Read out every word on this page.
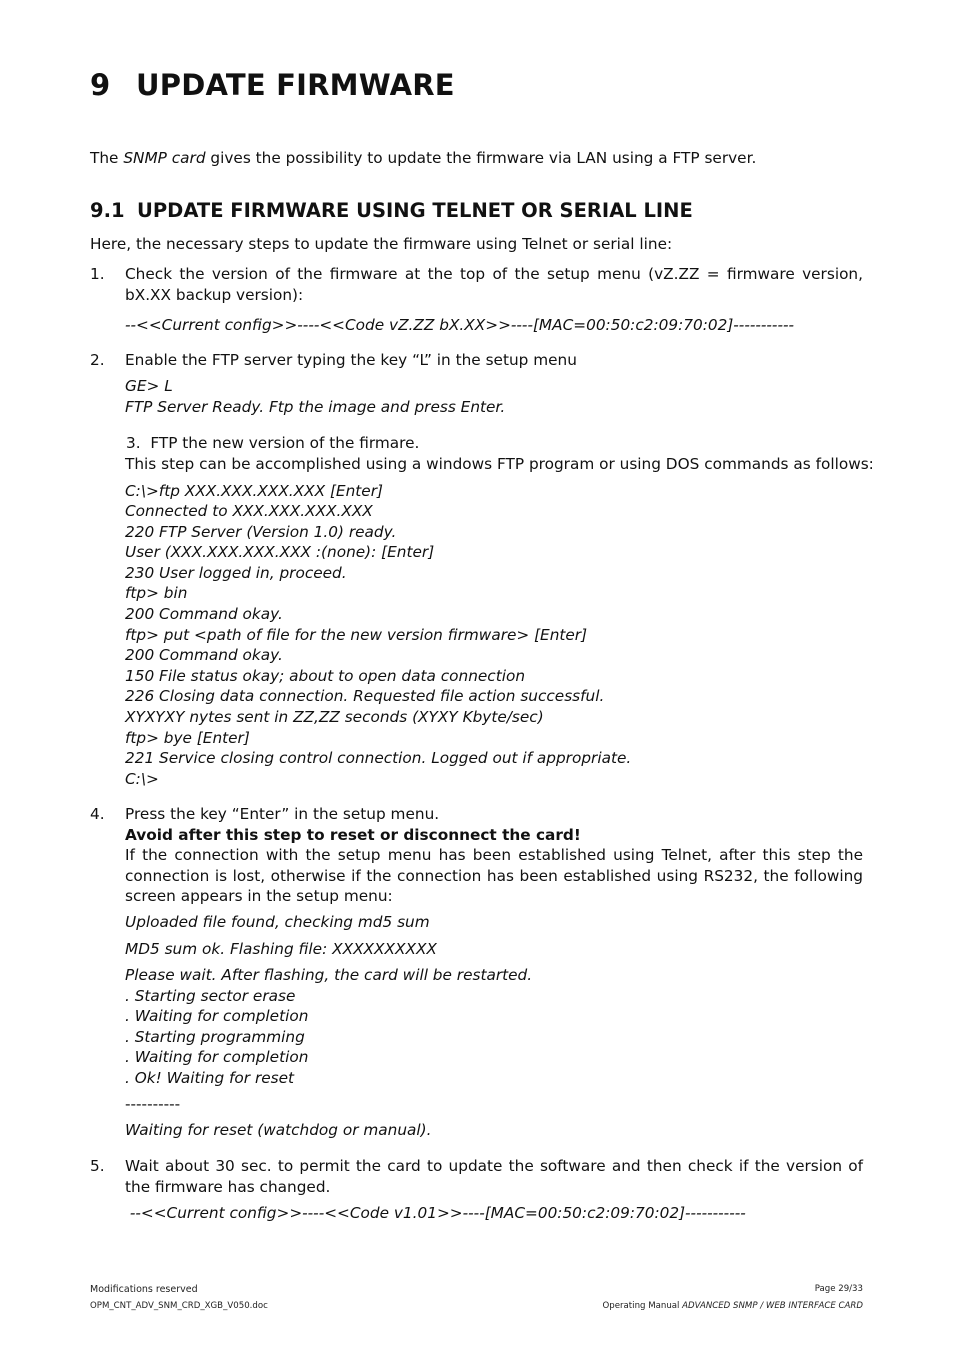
9 UPDATE FIRMWARE
The SNMP card gives the possibility to update the firmware via LAN using a FTP server.
9.1 UPDATE FIRMWARE USING TELNET OR SERIAL LINE
Here, the necessary steps to update the firmware using Telnet or serial line:
1. Check the version of the firmware at the top of the setup menu (vZ.ZZ = firmware version, bX.XX backup version):
--<<Current config>>----<<Code vZ.ZZ bX.XX>>----[MAC=00:50:c2:09:70:02]-----------
2. Enable the FTP server typing the key “L” in the setup menu
GE> L
FTP Server Ready. Ftp the image and press Enter.
3. FTP the new version of the firmare.
This step can be accomplished using a windows FTP program or using DOS commands as follows:
C:\>ftp XXX.XXX.XXX.XXX [Enter]
Connected to XXX.XXX.XXX.XXX
220 FTP Server (Version 1.0) ready.
User (XXX.XXX.XXX.XXX :(none): [Enter]
230 User logged in, proceed.
ftp> bin
200 Command okay.
ftp> put <path of file for the new version firmware> [Enter]
200 Command okay.
150 File status okay; about to open data connection
226 Closing data connection. Requested file action successful.
XYXYXY nytes sent in ZZ,ZZ seconds (XYXY Kbyte/sec)
ftp> bye [Enter]
221 Service closing control connection. Logged out if appropriate.
C:\>
4. Press the key “Enter” in the setup menu.
Avoid after this step to reset or disconnect the card!
If the connection with the setup menu has been established using Telnet, after this step the connection is lost, otherwise if the connection has been established using RS232, the following screen appears in the setup menu:
Uploaded file found, checking md5 sum
MD5 sum ok. Flashing file: XXXXXXXXXX
Please wait. After flashing, the card will be restarted.
. Starting sector erase
. Waiting for completion
. Starting programming
. Waiting for completion
. Ok! Waiting for reset
----------
Waiting for reset (watchdog or manual).
5. Wait about 30 sec. to permit the card to update the software and then check if the version of the firmware has changed.
--<<Current config>>----<<Code v1.01>>----[MAC=00:50:c2:09:70:02]-----------
Modifications reserved
OPM_CNT_ADV_SNM_CRD_XGB_V050.doc
Page 29/33
Operating Manual ADVANCED SNMP / WEB INTERFACE CARD
